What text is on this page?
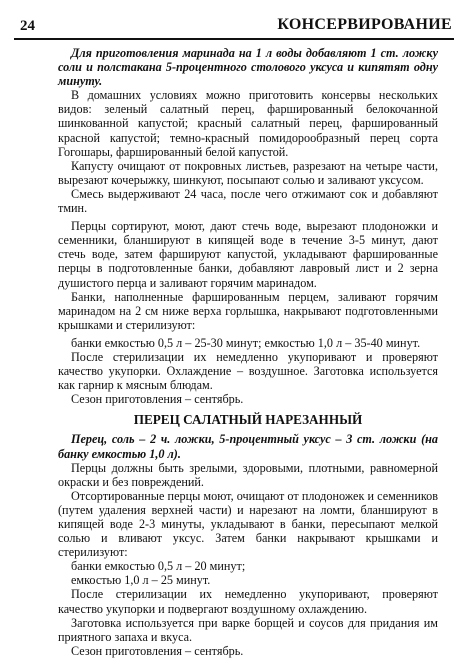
24	КОНСЕРВИРОВАНИЕ

Для приготовления маринада на 1 л воды добавляют 1 ст. ложку соли и полстакана 5-процентного столового уксуса и кипятят одну минуту.

В домашних условиях можно приготовить консервы нескольких видов: зеленый салатный перец, фаршированный белокочанной шинкованной капустой; красный салатный перец, фаршированный красной капустой; темно-красный помидорообразный перец сорта Гогошары, фаршированный белой капустой.

Капусту очищают от покровных листьев, разрезают на четыре части, вырезают кочерыжку, шинкуют, посыпают солью и заливают уксусом.

Смесь выдерживают 24 часа, после чего отжимают сок и добавляют тмин.

Перцы сортируют, моют, дают стечь воде, вырезают плодоножки и семенники, бланшируют в кипящей воде в течение 3-5 минут, дают стечь воде, затем фаршируют капустой, укладывают фаршированные перцы в подготовленные банки, добавляют лавровый лист и 2 зерна душистого перца и заливают горячим маринадом.

Банки, наполненные фаршированным перцем, заливают горячим маринадом на 2 см ниже верха горлышка, накрывают подготовленными крышками и стерилизуют:

банки емкостью 0,5 л – 25-30 минут; емкостью 1,0 л – 35-40 минут.

После стерилизации их немедленно укупоривают и проверяют качество укупорки. Охлаждение – воздушное. Заготовка используется как гарнир к мясным блюдам.

Сезон приготовления – сентябрь.

ПЕРЕЦ САЛАТНЫЙ НАРЕЗАННЫЙ

Перец, соль – 2 ч. ложки, 5-процентный уксус – 3 ст. ложки (на банку емкостью 1,0 л).

Перцы должны быть зрелыми, здоровыми, плотными, равномерной окраски и без повреждений.

Отсортированные перцы моют, очищают от плодоножек и семенников (путем удаления верхней части) и нарезают на ломти, бланшируют в кипящей воде 2-3 минуты, укладывают в банки, пересыпают мелкой солью и вливают уксус. Затем банки накрывают крышками и стерилизуют:

банки емкостью 0,5 л – 20 минут;

емкостью 1,0 л – 25 минут.

После стерилизации их немедленно укупоривают, проверяют качество укупорки и подвергают воздушному охлаждению.

Заготовка используется при варке борщей и соусов для придания им приятного запаха и вкуса.

Сезон приготовления – сентябрь.
